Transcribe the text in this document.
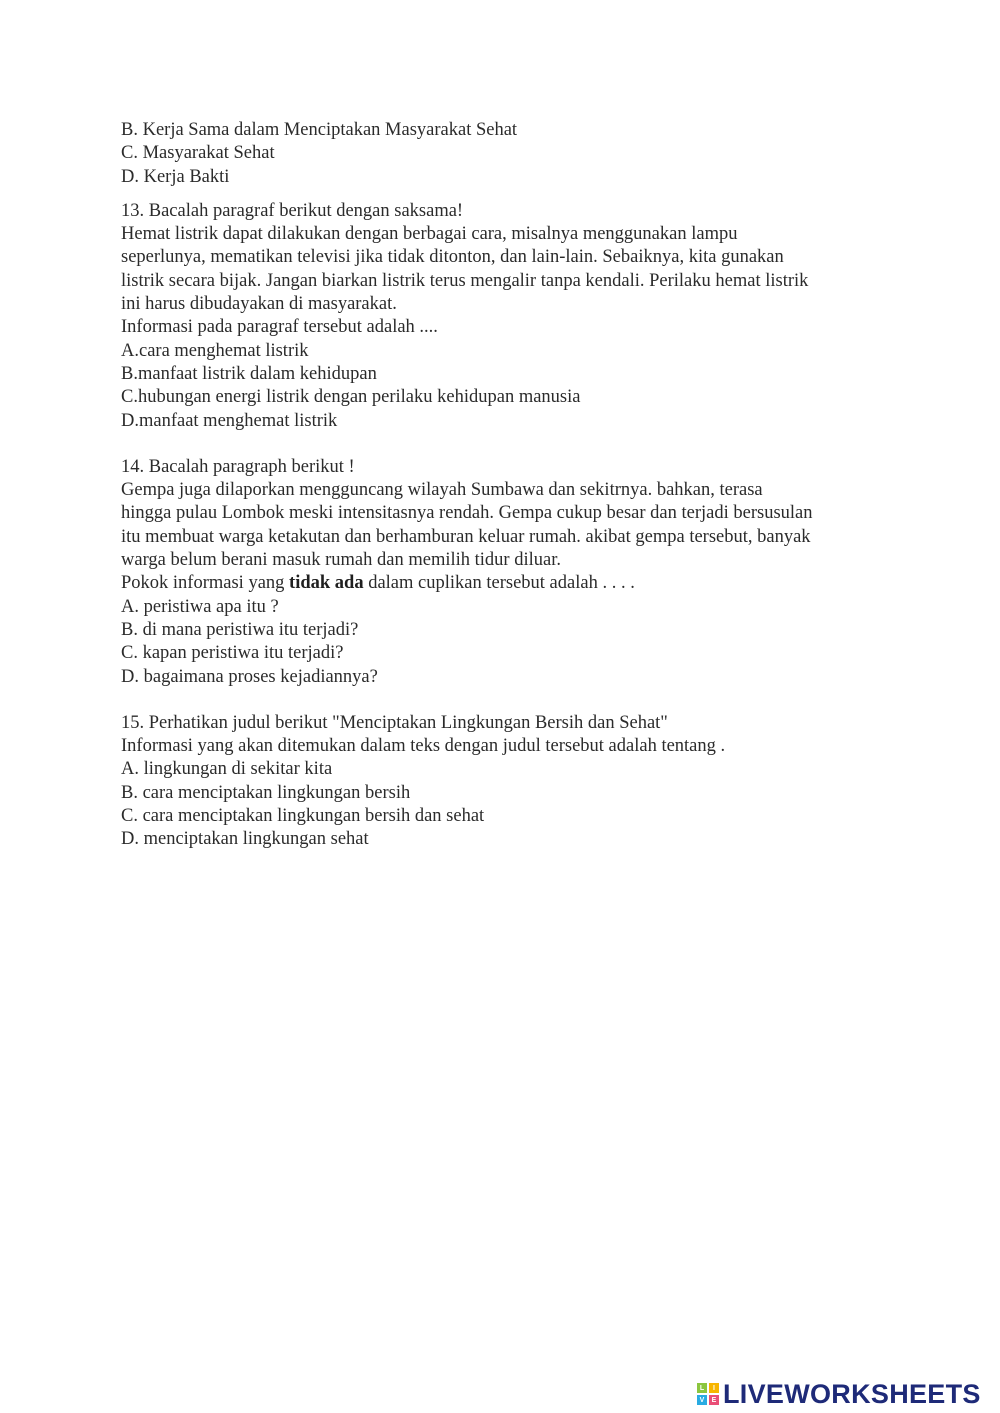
B. Kerja Sama dalam Menciptakan Masyarakat Sehat

C. Masyarakat Sehat

D. Kerja Bakti

13. Bacalah paragraf berikut dengan saksama!

Hemat listrik dapat dilakukan dengan berbagai cara, misalnya menggunakan lampu

seperlunya, mematikan televisi jika tidak ditonton, dan lain-lain. Sebaiknya, kita gunakan

listrik secara bijak. Jangan biarkan listrik terus mengalir tanpa kendali. Perilaku hemat listrik

ini harus dibudayakan di masyarakat.

Informasi pada paragraf tersebut adalah ....

A.cara menghemat listrik

B.manfaat listrik dalam kehidupan

C.hubungan energi listrik dengan perilaku kehidupan manusia

D.manfaat menghemat listrik

14. Bacalah paragraph berikut !

Gempa juga dilaporkan mengguncang wilayah Sumbawa dan sekitrnya. bahkan, terasa

hingga pulau Lombok meski intensitasnya rendah. Gempa cukup besar dan terjadi bersusulan

itu membuat warga ketakutan dan berhamburan keluar rumah. akibat gempa tersebut, banyak

warga belum berani masuk rumah dan memilih tidur diluar.

Pokok informasi yang tidak ada dalam cuplikan tersebut adalah . . . .

A. peristiwa apa itu ?

B. di mana peristiwa itu terjadi?

C. kapan peristiwa itu terjadi?

D. bagaimana proses kejadiannya?

15. Perhatikan judul berikut "Menciptakan Lingkungan Bersih dan Sehat"

Informasi yang akan ditemukan dalam teks dengan judul tersebut adalah tentang .

A. lingkungan di sekitar kita

B. cara menciptakan lingkungan bersih

C. cara menciptakan lingkungan bersih dan sehat

D. menciptakan lingkungan sehat

L	I
V	E LIVEWORKSHEETS
